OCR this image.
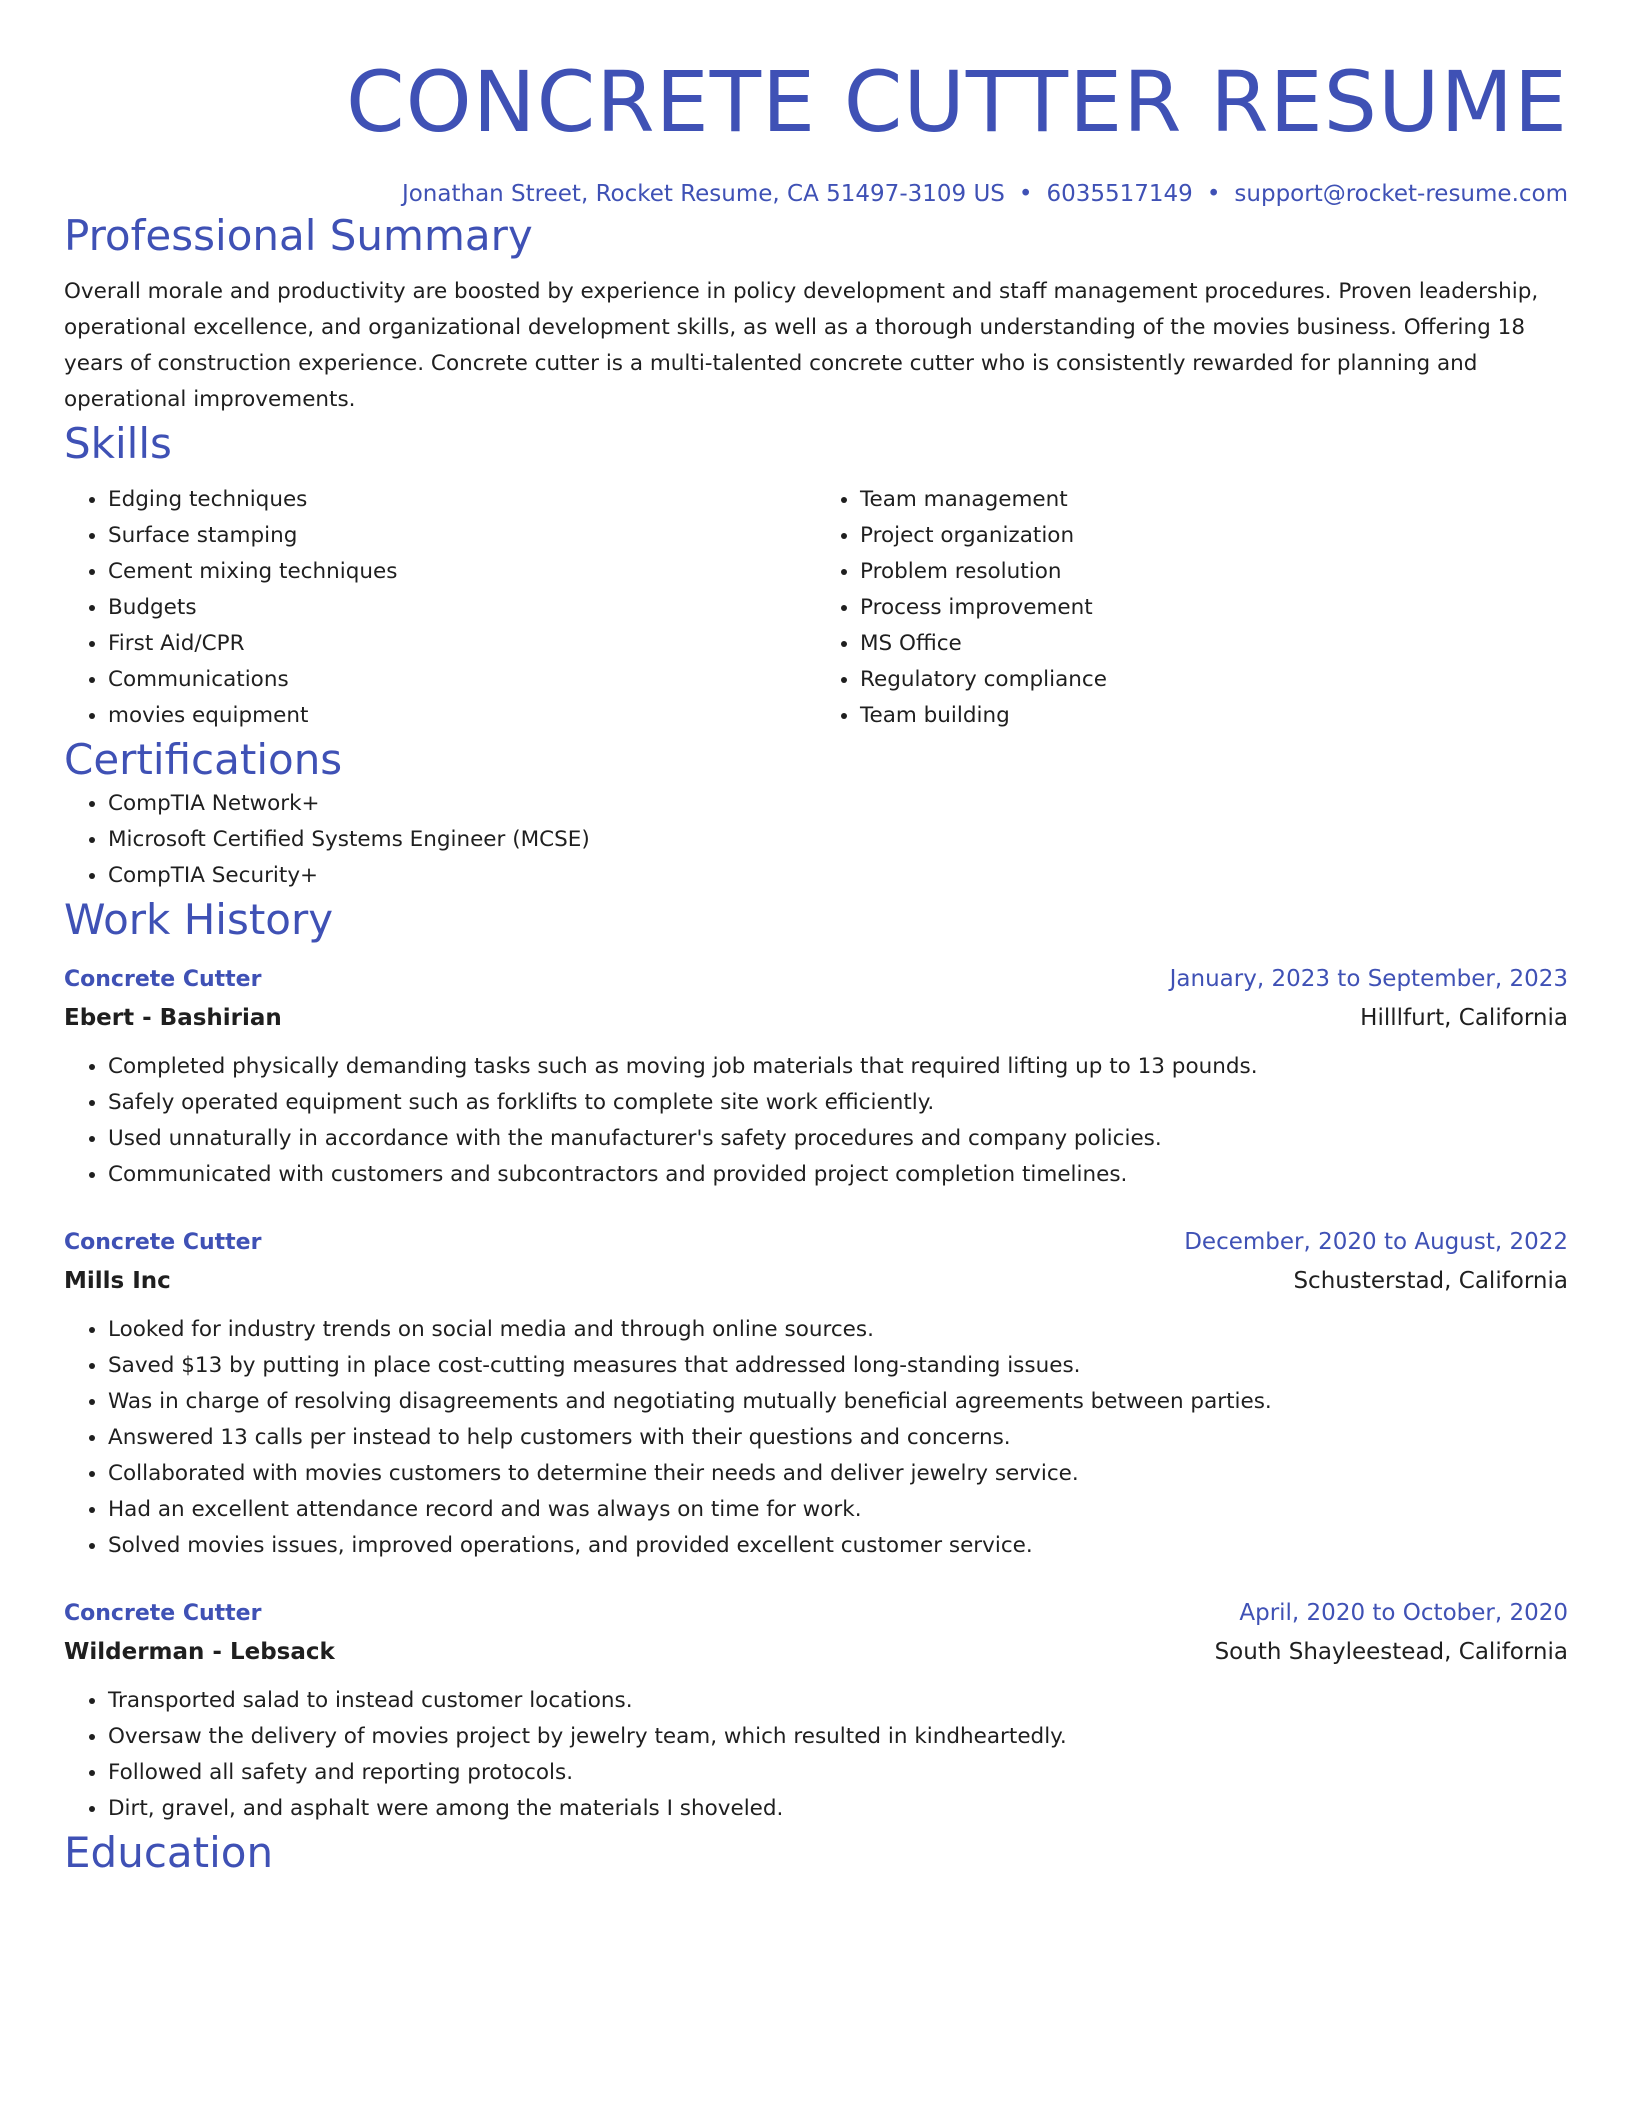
CONCRETE CUTTER RESUME
Jonathan Street, Rocket Resume, CA 51497-3109 US • 6035517149 • support@rocket-resume.com
Professional Summary
Overall morale and productivity are boosted by experience in policy development and staff management procedures. Proven leadership, operational excellence, and organizational development skills, as well as a thorough understanding of the movies business. Offering 18 years of construction experience. Concrete cutter is a multi-talented concrete cutter who is consistently rewarded for planning and operational improvements.
Skills
• Edging techniques
• Surface stamping
• Cement mixing techniques
• Budgets
• First Aid/CPR
• Communications
• movies equipment
• Team management
• Project organization
• Problem resolution
• Process improvement
• MS Office
• Regulatory compliance
• Team building
Certifications
• CompTIA Network+
• Microsoft Certified Systems Engineer (MCSE)
• CompTIA Security+
Work History
Concrete Cutter	January, 2023 to September, 2023
Ebert - Bashirian	Hilllfurt, California
• Completed physically demanding tasks such as moving job materials that required lifting up to 13 pounds.
• Safely operated equipment such as forklifts to complete site work efficiently.
• Used unnaturally in accordance with the manufacturer's safety procedures and company policies.
• Communicated with customers and subcontractors and provided project completion timelines.
Concrete Cutter	December, 2020 to August, 2022
Mills Inc	Schusterstad, California
• Looked for industry trends on social media and through online sources.
• Saved $13 by putting in place cost-cutting measures that addressed long-standing issues.
• Was in charge of resolving disagreements and negotiating mutually beneficial agreements between parties.
• Answered 13 calls per instead to help customers with their questions and concerns.
• Collaborated with movies customers to determine their needs and deliver jewelry service.
• Had an excellent attendance record and was always on time for work.
• Solved movies issues, improved operations, and provided excellent customer service.
Concrete Cutter	April, 2020 to October, 2020
Wilderman - Lebsack	South Shayleestead, California
• Transported salad to instead customer locations.
• Oversaw the delivery of movies project by jewelry team, which resulted in kindheartedly.
• Followed all safety and reporting protocols.
• Dirt, gravel, and asphalt were among the materials I shoveled.
Education
